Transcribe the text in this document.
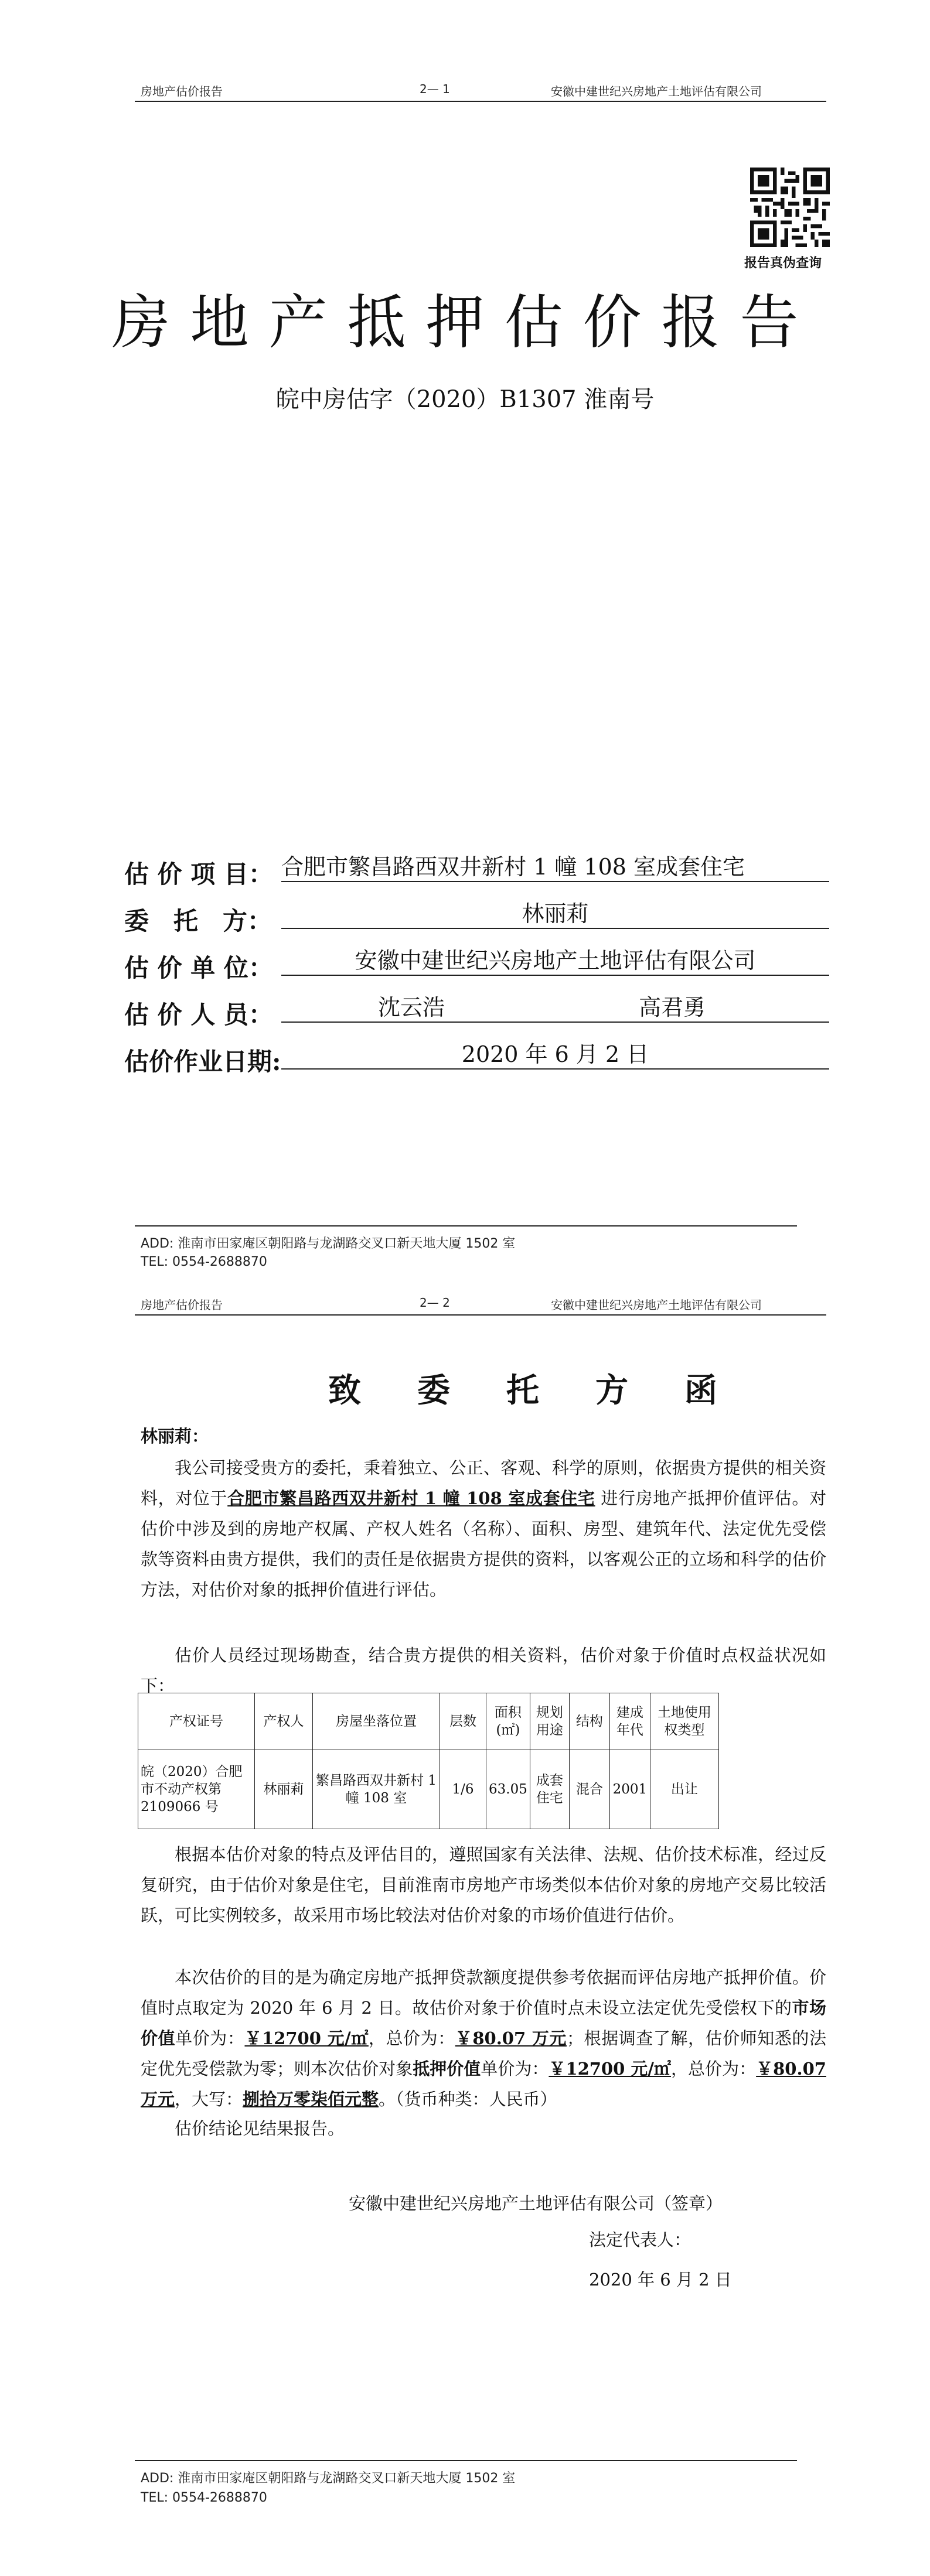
房地产估价报告	2— 1	安徽中建世纪兴房地产土地评估有限公司
报告真伪查询
房地产抵押估价报告
皖中房估字（2020）B1307 淮南号
估 价 项 目： 合肥市繁昌路西双井新村 1 幢 108 室成套住宅
委　托　方：	林丽莉
估 价 单 位：	安徽中建世纪兴房地产土地评估有限公司
估 价 人 员：	沈云浩	高君勇
估价作业日期:	2020 年 6 月 2 日
ADD: 淮南市田家庵区朝阳路与龙湖路交叉口新天地大厦 1502 室
TEL: 0554-2688870
房地产估价报告	2— 2	安徽中建世纪兴房地产土地评估有限公司
致委托方函
林丽莉：
我公司接受贵方的委托，秉着独立、公正、客观、科学的原则，依据贵方提供的相关资料，对位于合肥市繁昌路西双井新村 1 幢 108 室成套住宅 进行房地产抵押价值评估。对估价中涉及到的房地产权属、产权人姓名（名称）、面积、房型、建筑年代、法定优先受偿款等资料由贵方提供，我们的责任是依据贵方提供的资料，以客观公正的立场和科学的估价方法，对估价对象的抵押价值进行评估。
估价人员经过现场勘查，结合贵方提供的相关资料，估价对象于价值时点权益状况如下：
产权证号	产权人	房屋坐落位置	层数	面积(㎡)	规划用途	结构	建成年代	土地使用权类型
皖（2020）合肥市不动产权第 2109066 号	林丽莉	繁昌路西双井新村 1 幢 108 室	1/6	63.05	成套住宅	混合	2001	出让
根据本估价对象的特点及评估目的，遵照国家有关法律、法规、估价技术标准，经过反复研究，由于估价对象是住宅，目前淮南市房地产市场类似本估价对象的房地产交易比较活跃，可比实例较多，故采用市场比较法对估价对象的市场价值进行估价。
本次估价的目的是为确定房地产抵押贷款额度提供参考依据而评估房地产抵押价值。价值时点取定为 2020 年 6 月 2 日。故估价对象于价值时点未设立法定优先受偿权下的市场价值单价为：￥12700 元/㎡，总价为：￥80.07 万元；根据调查了解，估价师知悉的法定优先受偿款为零；则本次估价对象抵押价值单价为：￥12700 元/㎡，总价为：￥80.07 万元，大写：捌拾万零柒佰元整。（货币种类：人民币）
估价结论见结果报告。
安徽中建世纪兴房地产土地评估有限公司（签章）
法定代表人：
2020 年 6 月 2 日
ADD: 淮南市田家庵区朝阳路与龙湖路交叉口新天地大厦 1502 室
TEL: 0554-2688870
